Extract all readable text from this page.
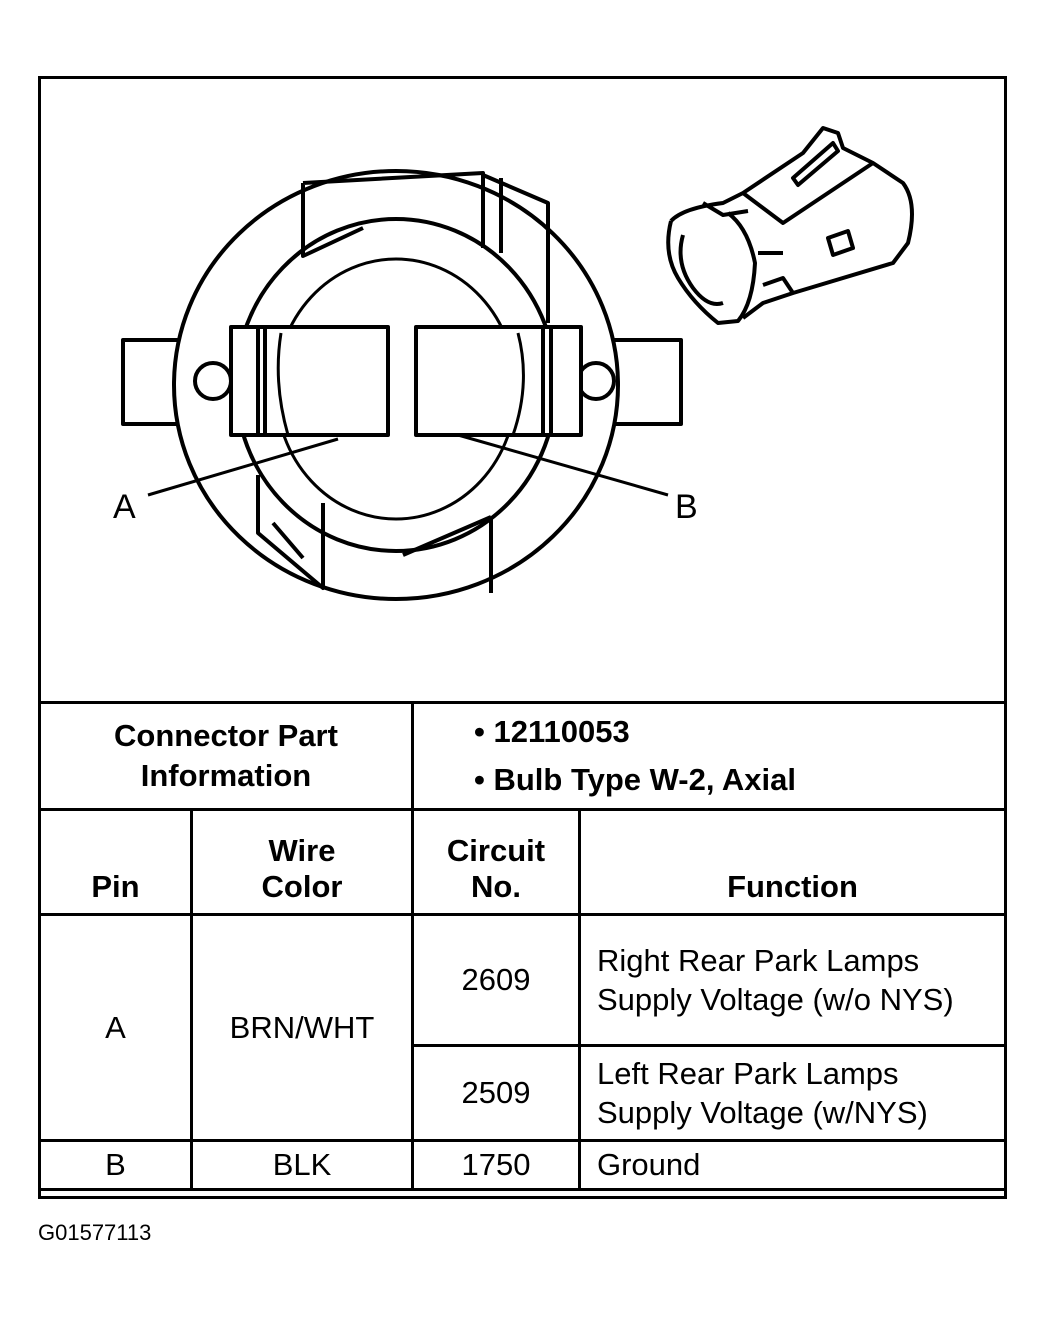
A	B
Connector Part Information		• 12110053
• Bulb Type W-2, Axial	

Pin	Wire Color	Circuit No.	Function
A	BRN/WHT	2609	Right Rear Park Lamps Supply Voltage (w/o NYS)
		2509	Left Rear Park Lamps Supply Voltage (w/NYS)
B	BLK	1750	Ground
G01577113
